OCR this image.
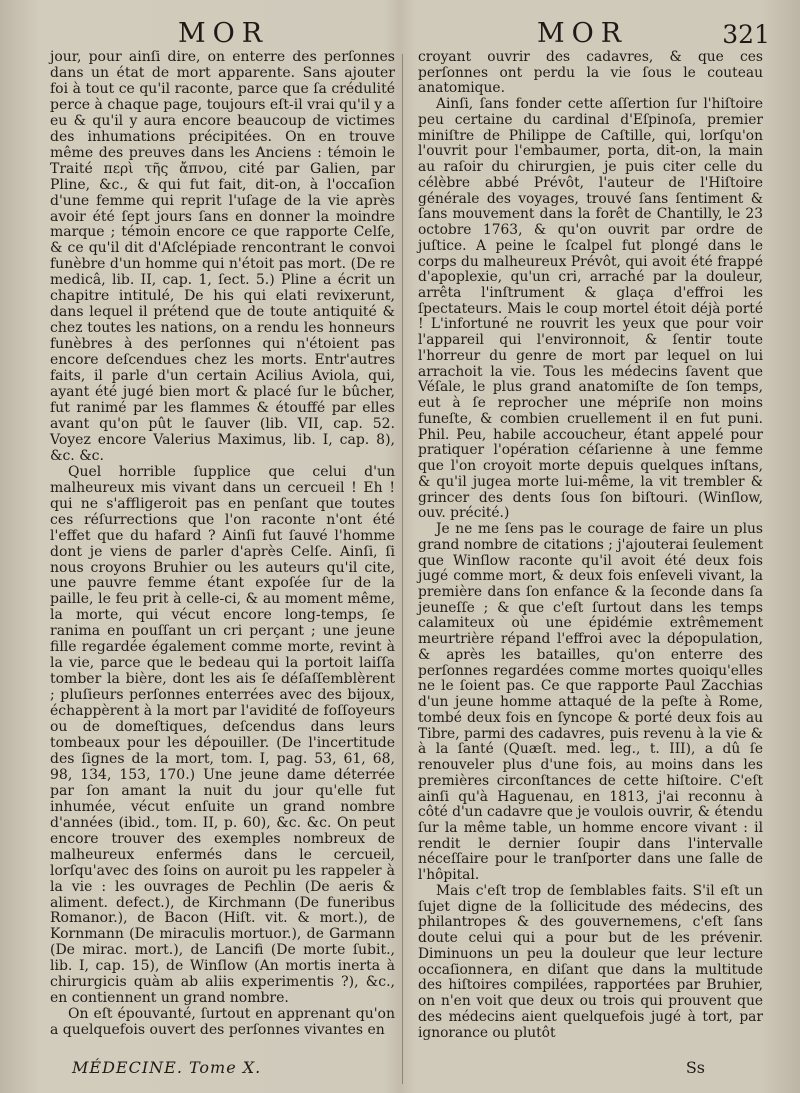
MOR	MOR	321

jour, pour ainſi dire, on enterre des perſonnes dans un état de mort apparente. Sans ajouter foi à tout ce qu'il raconte, parce que ſa crédulité perce à chaque page, toujours eſt-il vrai qu'il y a eu & qu'il y aura encore beaucoup de victimes des inhumations précipitées. On en trouve même des preuves dans les Anciens : témoin le Traité περὶ τῆς ἄπνου, cité par Galien, par Pline, &c., & qui fut fait, dit-on, à l'occaſion d'une femme qui reprit l'uſage de la vie après avoir été ſept jours ſans en donner la moindre marque ; témoin encore ce que rapporte Celſe, & ce qu'il dit d'Aſclépiade rencontrant le convoi funèbre d'un homme qui n'étoit pas mort. (De re medicâ, lib. II, cap. 1, ſect. 5.) Pline a écrit un chapitre intitulé, De his qui elati revixerunt, dans lequel il prétend que de toute antiquité & chez toutes les nations, on a rendu les honneurs funèbres à des perſonnes qui n'étoient pas encore deſcendues chez les morts. Entr'autres faits, il parle d'un certain Acilius Aviola, qui, ayant été jugé bien mort & placé ſur le bûcher, fut ranimé par les flammes & étouffé par elles avant qu'on pût le ſauver (lib. VII, cap. 52. Voyez encore Valerius Maximus, lib. I, cap. 8), &c. &c.

Quel horrible ſupplice que celui d'un malheureux mis vivant dans un cercueil ! Eh ! qui ne s'affligeroit pas en penſant que toutes ces réſurrections que l'on raconte n'ont été l'effet que du hafard ? Ainſi fut ſauvé l'homme dont je viens de parler d'après Celſe. Ainſi, ſi nous croyons Bruhier ou les auteurs qu'il cite, une pauvre femme étant expoſée ſur de la paille, le feu prit à celle-ci, & au moment même, la morte, qui vécut encore long-temps, ſe ranima en pouſſant un cri perçant ; une jeune fille regardée également comme morte, revint à la vie, parce que le bedeau qui la portoit laiſſa tomber la bière, dont les ais ſe déſaſſemblèrent ; pluſieurs perſonnes enterrées avec des bijoux, échappèrent à la mort par l'avidité de foſſoyeurs ou de domeſtiques, deſcendus dans leurs tombeaux pour les dépouiller. (De l'incertitude des ſignes de la mort, tom. I, pag. 53, 61, 68, 98, 134, 153, 170.) Une jeune dame déterrée par ſon amant la nuit du jour qu'elle fut inhumée, vécut enſuite un grand nombre d'années (ibid., tom. II, p. 60), &c. &c. On peut encore trouver des exemples nombreux de malheureux enfermés dans le cercueil, lorſqu'avec des ſoins on auroit pu les rappeler à la vie : les ouvrages de Pechlin (De aeris & aliment. defect.), de Kirchmann (De funeribus Romanor.), de Bacon (Hiſt. vit. & mort.), de Kornmann (De miraculis mortuor.), de Garmann (De mirac. mort.), de Lancifi (De morte ſubit., lib. I, cap. 15), de Winſlow (An mortis inerta à chirurgicis quàm ab aliis experimentis ?), &c., en contiennent un grand nombre.

On eſt épouvanté, ſurtout en apprenant qu'on a quelquefois ouvert des perſonnes vivantes en

croyant ouvrir des cadavres, & que ces perſonnes ont perdu la vie ſous le couteau anatomique.

Ainſi, ſans fonder cette aſſertion ſur l'hiſtoire peu certaine du cardinal d'Eſpinoſa, premier miniſtre de Philippe de Caſtille, qui, lorſqu'on l'ouvrit pour l'embaumer, porta, dit-on, la main au raſoir du chirurgien, je puis citer celle du célèbre abbé Prévôt, l'auteur de l'Hiſtoire générale des voyages, trouvé ſans ſentiment & ſans mouvement dans la forêt de Chantilly, le 23 octobre 1763, & qu'on ouvrit par ordre de juſtice. A peine le ſcalpel fut plongé dans le corps du malheureux Prévôt, qui avoit été frappé d'apoplexie, qu'un cri, arraché par la douleur, arrêta l'inſtrument & glaça d'effroi les ſpectateurs. Mais le coup mortel étoit déjà porté ! L'infortuné ne rouvrit les yeux que pour voir l'appareil qui l'environnoit, & ſentir toute l'horreur du genre de mort par lequel on lui arrachoit la vie. Tous les médecins ſavent que Véſale, le plus grand anatomiſte de ſon temps, eut à ſe reprocher une mépriſe non moins funeſte, & combien cruellement il en fut puni. Phil. Peu, habile accoucheur, étant appelé pour pratiquer l'opération céſarienne à une femme que l'on croyoit morte depuis quelques inſtans, & qu'il jugea morte lui-même, la vit trembler & grincer des dents ſous ſon biſtouri. (Winſlow, ouv. précité.)

Je ne me ſens pas le courage de faire un plus grand nombre de citations ; j'ajouterai ſeulement que Winſlow raconte qu'il avoit été deux fois jugé comme mort, & deux fois enſeveli vivant, la première dans ſon enfance & la ſeconde dans ſa jeuneſſe ; & que c'eſt ſurtout dans les temps calamiteux où une épidémie extrêmement meurtrière répand l'effroi avec la dépopulation, & après les batailles, qu'on enterre des perſonnes regardées comme mortes quoiqu'elles ne le ſoient pas. Ce que rapporte Paul Zacchias d'un jeune homme attaqué de la peſte à Rome, tombé deux fois en ſyncope & porté deux fois au Tibre, parmi des cadavres, puis revenu à la vie & à la ſanté (Quæſt. med. leg., t. III), a dû ſe renouveler plus d'une fois, au moins dans les premières circonſtances de cette hiſtoire. C'eſt ainſi qu'à Haguenau, en 1813, j'ai reconnu à côté d'un cadavre que je voulois ouvrir, & étendu ſur la même table, un homme encore vivant : il rendit le dernier ſoupir dans l'intervalle néceſſaire pour le tranſporter dans une ſalle de l'hôpital.

Mais c'eſt trop de ſemblables faits. S'il eſt un ſujet digne de la ſollicitude des médecins, des philantropes & des gouvernemens, c'eſt ſans doute celui qui a pour but de les prévenir. Diminuons un peu la douleur que leur lecture occaſionnera, en diſant que dans la multitude des hiſtoires compilées, rapportées par Bruhier, on n'en voit que deux ou trois qui prouvent que des médecins aient quelquefois jugé à tort, par ignorance ou plutôt

MÉDECINE. Tome X.	Ss
